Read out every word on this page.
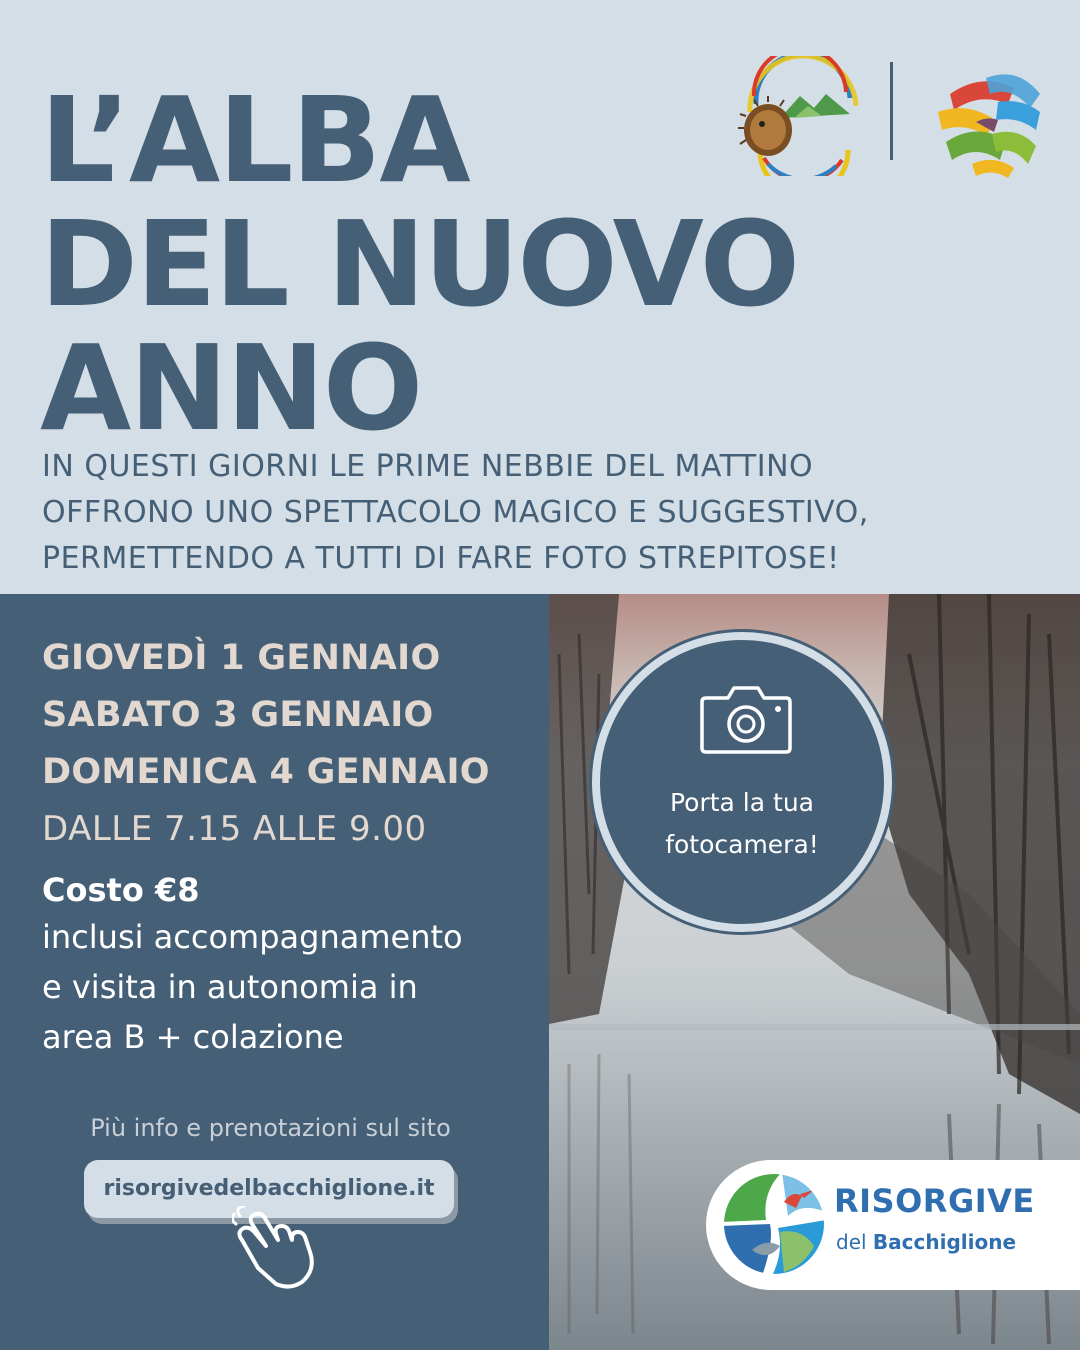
L’ALBA
DEL NUOVO
ANNO
IN QUESTI GIORNI LE PRIME NEBBIE DEL MATTINO
OFFRONO UNO SPETTACOLO MAGICO E SUGGESTIVO,
PERMETTENDO A TUTTI DI FARE FOTO STREPITOSE!
GIOVEDÌ 1 GENNAIO
SABATO 3 GENNAIO
DOMENICA 4 GENNAIO
DALLE 7.15 ALLE 9.00
Costo €8
inclusi accompagnamento
e visita in autonomia in
area B + colazione
Più info e prenotazioni sul sito
risorgivedelbacchiglione.it
Porta la tua
fotocamera!
RISORGIVE
del Bacchiglione
